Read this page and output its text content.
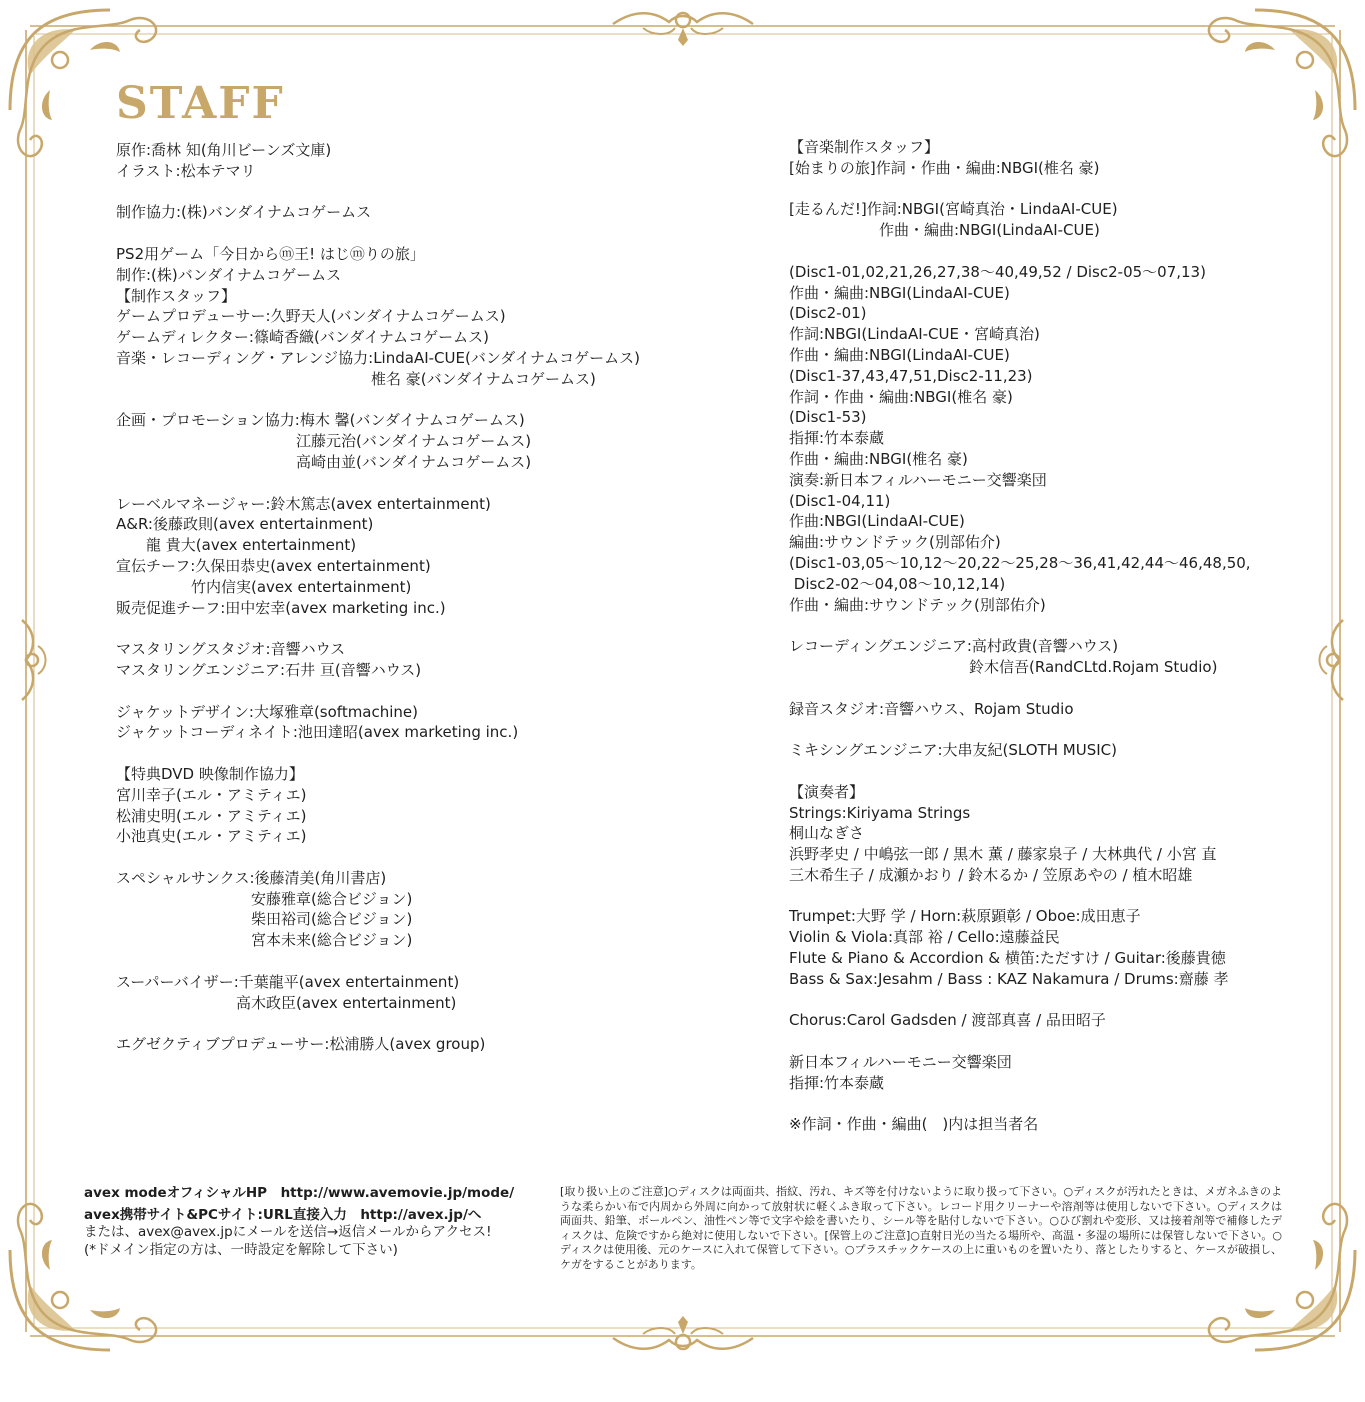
STAFF
原作:喬林 知(角川ビーンズ文庫)
イラスト:松本テマリ
制作協力:(株)バンダイナムコゲームス
PS2用ゲーム「今日からⓜ王! はじⓜりの旅」
制作:(株)バンダイナムコゲームス
【制作スタッフ】
ゲームプロデューサー:久野天人(バンダイナムコゲームス)
ゲームディレクター:篠崎香織(バンダイナムコゲームス)
音楽・レコーディング・アレンジ協力:LindaAI-CUE(バンダイナムコゲームス)
　　　　　　　　　　　　　　　　　椎名 豪(バンダイナムコゲームス)
企画・プロモーション協力:梅木 馨(バンダイナムコゲームス)
　　　　　　　　　　　　江藤元治(バンダイナムコゲームス)
　　　　　　　　　　　　高崎由並(バンダイナムコゲームス)
レーベルマネージャー:鈴木篤志(avex entertainment)
A&R:後藤政則(avex entertainment)
　　龍 貴大(avex entertainment)
宣伝チーフ:久保田恭史(avex entertainment)
　　　　　竹内信実(avex entertainment)
販売促進チーフ:田中宏幸(avex marketing inc.)
マスタリングスタジオ:音響ハウス
マスタリングエンジニア:石井 亘(音響ハウス)
ジャケットデザイン:大塚雅章(softmachine)
ジャケットコーディネイト:池田達昭(avex marketing inc.)
【特典DVD 映像制作協力】
宮川幸子(エル・アミティエ)
松浦史明(エル・アミティエ)
小池真史(エル・アミティエ)
スペシャルサンクス:後藤清美(角川書店)
　　　　　　　　　安藤雅章(総合ビジョン)
　　　　　　　　　柴田裕司(総合ビジョン)
　　　　　　　　　宮本未来(総合ビジョン)
スーパーバイザー:千葉龍平(avex entertainment)
　　　　　　　　高木政臣(avex entertainment)
エグゼクティブプロデューサー:松浦勝人(avex group)
【音楽制作スタッフ】
[始まりの旅]作詞・作曲・編曲:NBGI(椎名 豪)
[走るんだ!]作詞:NBGI(宮崎真治・LindaAI-CUE)
　　　　　　作曲・編曲:NBGI(LindaAI-CUE)
(Disc1-01,02,21,26,27,38〜40,49,52 / Disc2-05〜07,13)
作曲・編曲:NBGI(LindaAI-CUE)
(Disc2-01)
作詞:NBGI(LindaAI-CUE・宮崎真治)
作曲・編曲:NBGI(LindaAI-CUE)
(Disc1-37,43,47,51,Disc2-11,23)
作詞・作曲・編曲:NBGI(椎名 豪)
(Disc1-53)
指揮:竹本泰蔵
作曲・編曲:NBGI(椎名 豪)
演奏:新日本フィルハーモニー交響楽団
(Disc1-04,11)
作曲:NBGI(LindaAI-CUE)
編曲:サウンドテック(別部佑介)
(Disc1-03,05〜10,12〜20,22〜25,28〜36,41,42,44〜46,48,50,
Disc2-02〜04,08〜10,12,14)
作曲・編曲:サウンドテック(別部佑介)
レコーディングエンジニア:高村政貴(音響ハウス)
　　　　　　　　　　　　鈴木信吾(RandCLtd.Rojam Studio)
録音スタジオ:音響ハウス、Rojam Studio
ミキシングエンジニア:大串友紀(SLOTH MUSIC)
【演奏者】
Strings:Kiriyama Strings
桐山なぎさ
浜野孝史 / 中嶋弦一郎 / 黒木 薫 / 藤家泉子 / 大林典代 / 小宮 直
三木希生子 / 成瀬かおり / 鈴木るか / 笠原あやの / 植木昭雄
Trumpet:大野 学 / Horn:萩原顕彰 / Oboe:成田恵子
Violin & Viola:真部 裕 / Cello:遠藤益民
Flute & Piano & Accordion & 横笛:ただすけ / Guitar:後藤貴徳
Bass & Sax:Jesahm / Bass : KAZ Nakamura / Drums:齋藤 孝
Chorus:Carol Gadsden / 渡部真喜 / 品田昭子
新日本フィルハーモニー交響楽団
指揮:竹本泰蔵
※作詞・作曲・編曲(　)内は担当者名
avex modeオフィシャルHP　http://www.avemovie.jp/mode/
avex携帯サイト&PCサイト:URL直接入力　http://avex.jp/へ
または、avex@avex.jpにメールを送信→返信メールからアクセス!
(*ドメイン指定の方は、一時設定を解除して下さい)
[取り扱い上のご注意]○ディスクは両面共、指紋、汚れ、キズ等を付けないように取り扱って下さい。○ディスクが汚れたときは、メガネふきのような柔らかい布で内周から外周に向かって放射状に軽くふき取って下さい。レコード用クリーナーや溶剤等は使用しないで下さい。○ディスクは両面共、鉛筆、ボールペン、油性ペン等で文字や絵を書いたり、シール等を貼付しないで下さい。○ひび割れや変形、又は接着剤等で補修したディスクは、危険ですから絶対に使用しないで下さい。[保管上のご注意]○直射日光の当たる場所や、高温・多湿の場所には保管しないで下さい。○ディスクは使用後、元のケースに入れて保管して下さい。○プラスチックケースの上に重いものを置いたり、落としたりすると、ケースが破損し、ケガをすることがあります。
